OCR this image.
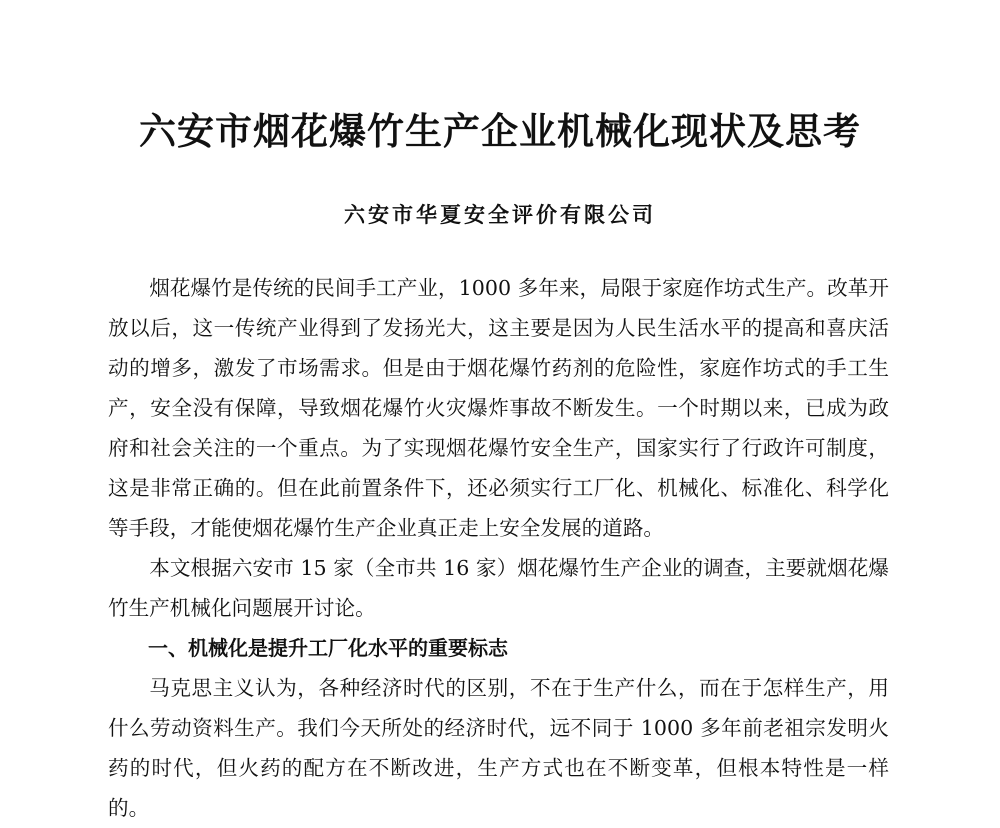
六安市烟花爆竹生产企业机械化现状及思考
六安市华夏安全评价有限公司

烟花爆竹是传统的民间手工产业，1000 多年来，局限于家庭作坊式生产。改革开放以后，这一传统产业得到了发扬光大，这主要是因为人民生活水平的提高和喜庆活动的增多，激发了市场需求。但是由于烟花爆竹药剂的危险性，家庭作坊式的手工生产，安全没有保障，导致烟花爆竹火灾爆炸事故不断发生。一个时期以来，已成为政府和社会关注的一个重点。为了实现烟花爆竹安全生产，国家实行了行政许可制度，这是非常正确的。但在此前置条件下，还必须实行工厂化、机械化、标准化、科学化等手段，才能使烟花爆竹生产企业真正走上安全发展的道路。

本文根据六安市 15 家（全市共 16 家）烟花爆竹生产企业的调查，主要就烟花爆竹生产机械化问题展开讨论。

一、机械化是提升工厂化水平的重要标志

马克思主义认为，各种经济时代的区别，不在于生产什么，而在于怎样生产，用什么劳动资料生产。我们今天所处的经济时代，远不同于 1000 多年前老祖宗发明火药的时代，但火药的配方在不断改进，生产方式也在不断变革，但根本特性是一样的。
